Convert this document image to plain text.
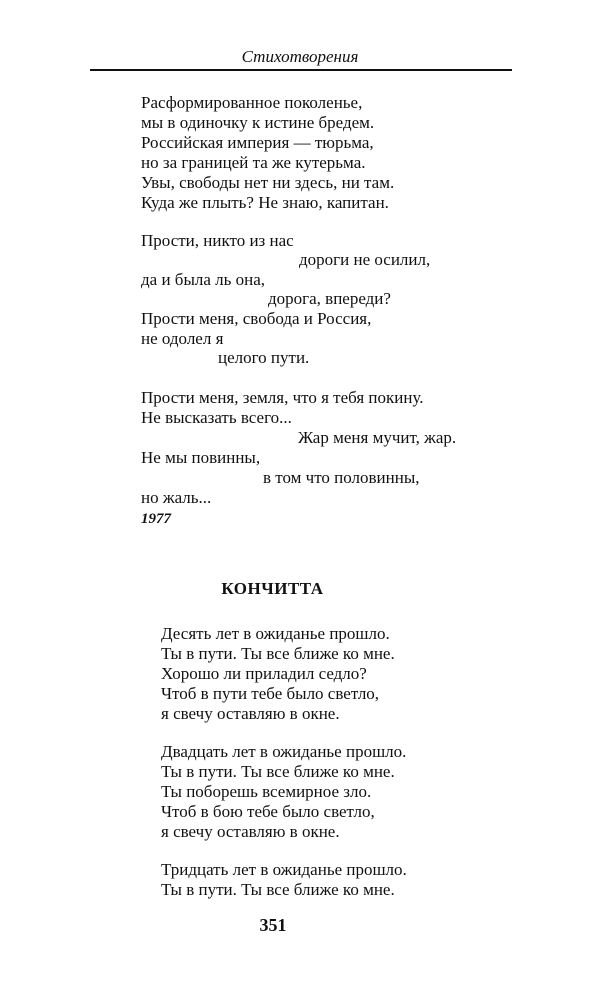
Стихотворения
Расформированное поколенье,
мы в одиночку к истине бредем.
Российская империя — тюрьма,
но за границей та же кутерьма.
Увы, свободы нет ни здесь, ни там.
Куда же плыть? Не знаю, капитан.
Прости, никто из нас
дороги не осилил,
да и была ль она,
дорога, впереди?
Прости меня, свобода и Россия,
не одолел я
целого пути.
Прости меня, земля, что я тебя покину.
Не высказать всего...
Жар меня мучит, жар.
Не мы повинны,
в том что половинны,
но жаль...
1977
КОНЧИТТА
Десять лет в ожиданье прошло.
Ты в пути. Ты все ближе ко мне.
Хорошо ли приладил седло?
Чтоб в пути тебе было светло,
я свечу оставляю в окне.
Двадцать лет в ожиданье прошло.
Ты в пути. Ты все ближе ко мне.
Ты поборешь всемирное зло.
Чтоб в бою тебе было светло,
я свечу оставляю в окне.
Тридцать лет в ожиданье прошло.
Ты в пути. Ты все ближе ко мне.
351
